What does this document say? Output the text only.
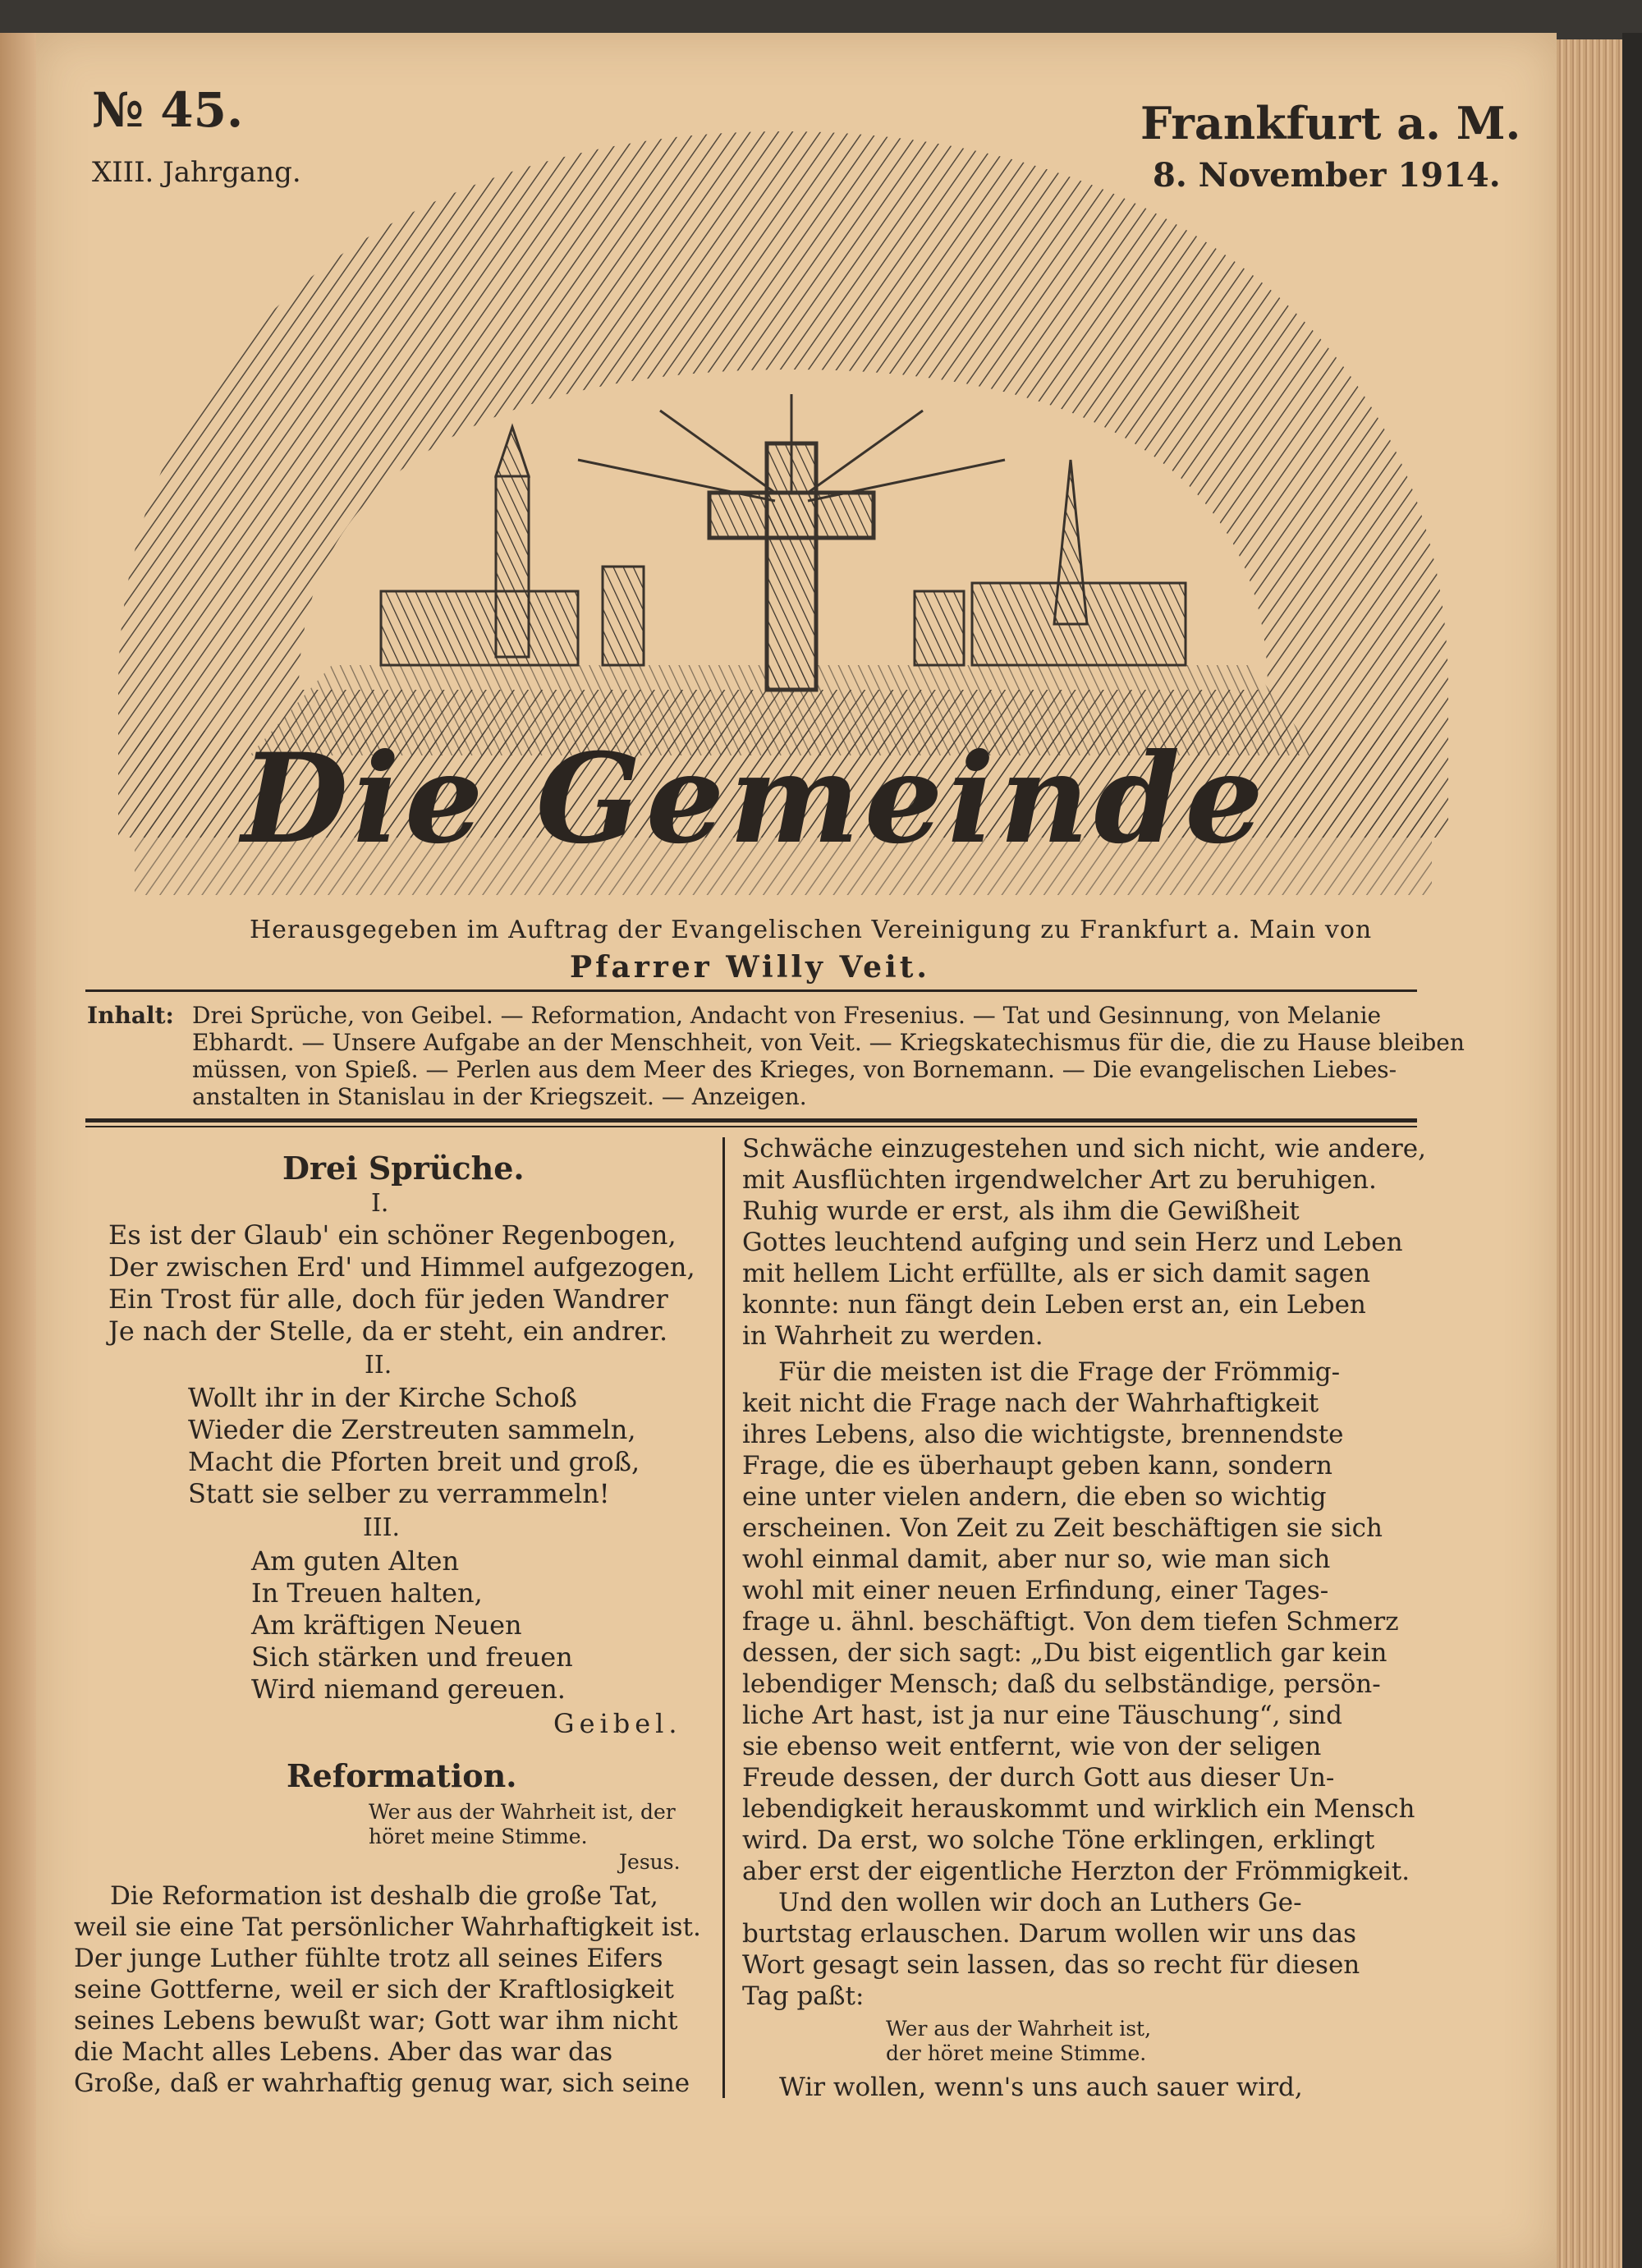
№ 45.
XIII. Jahrgang.
Frankfurt a. M.
8. November 1914.
Die Gemeinde
Herausgegeben im Auftrag der Evangelischen Vereinigung zu Frankfurt a. Main von
Pfarrer Willy Veit.
Inhalt: Drei Sprüche, von Geibel. — Reformation, Andacht von Fresenius. — Tat und Gesinnung, von Melanie
Ebhardt. — Unsere Aufgabe an der Menschheit, von Veit. — Kriegskatechismus für die, die zu Hause bleiben
müssen, von Spieß. — Perlen aus dem Meer des Krieges, von Bornemann. — Die evangelischen Liebes-
anstalten in Stanislau in der Kriegszeit. — Anzeigen.
Drei Sprüche.
I.
Es ist der Glaub' ein schöner Regenbogen,
Der zwischen Erd' und Himmel aufgezogen,
Ein Trost für alle, doch für jeden Wandrer
Je nach der Stelle, da er steht, ein andrer.
II.
Wollt ihr in der Kirche Schoß
Wieder die Zerstreuten sammeln,
Macht die Pforten breit und groß,
Statt sie selber zu verrammeln!
III.
Am guten Alten
In Treuen halten,
Am kräftigen Neuen
Sich stärken und freuen
Wird niemand gereuen.
Geibel.
Reformation.
Wer aus der Wahrheit ist, der
höret meine Stimme.
Jesus.
Die Reformation ist deshalb die große Tat,
weil sie eine Tat persönlicher Wahrhaftigkeit ist.
Der junge Luther fühlte trotz all seines Eifers
seine Gottferne, weil er sich der Kraftlosigkeit
seines Lebens bewußt war; Gott war ihm nicht
die Macht alles Lebens. Aber das war das
Große, daß er wahrhaftig genug war, sich seine
Schwäche einzugestehen und sich nicht, wie andere,
mit Ausflüchten irgendwelcher Art zu beruhigen.
Ruhig wurde er erst, als ihm die Gewißheit
Gottes leuchtend aufging und sein Herz und Leben
mit hellem Licht erfüllte, als er sich damit sagen
konnte: nun fängt dein Leben erst an, ein Leben
in Wahrheit zu werden.
Für die meisten ist die Frage der Frömmig-
keit nicht die Frage nach der Wahrhaftigkeit
ihres Lebens, also die wichtigste, brennendste
Frage, die es überhaupt geben kann, sondern
eine unter vielen andern, die eben so wichtig
erscheinen. Von Zeit zu Zeit beschäftigen sie sich
wohl einmal damit, aber nur so, wie man sich
wohl mit einer neuen Erfindung, einer Tages-
frage u. ähnl. beschäftigt. Von dem tiefen Schmerz
dessen, der sich sagt: „Du bist eigentlich gar kein
lebendiger Mensch; daß du selbständige, persön-
liche Art hast, ist ja nur eine Täuschung“, sind
sie ebenso weit entfernt, wie von der seligen
Freude dessen, der durch Gott aus dieser Un-
lebendigkeit herauskommt und wirklich ein Mensch
wird. Da erst, wo solche Töne erklingen, erklingt
aber erst der eigentliche Herzton der Frömmigkeit.
Und den wollen wir doch an Luthers Ge-
burtstag erlauschen. Darum wollen wir uns das
Wort gesagt sein lassen, das so recht für diesen
Tag paßt:
Wer aus der Wahrheit ist,
der höret meine Stimme.
Wir wollen, wenn's uns auch sauer wird,
